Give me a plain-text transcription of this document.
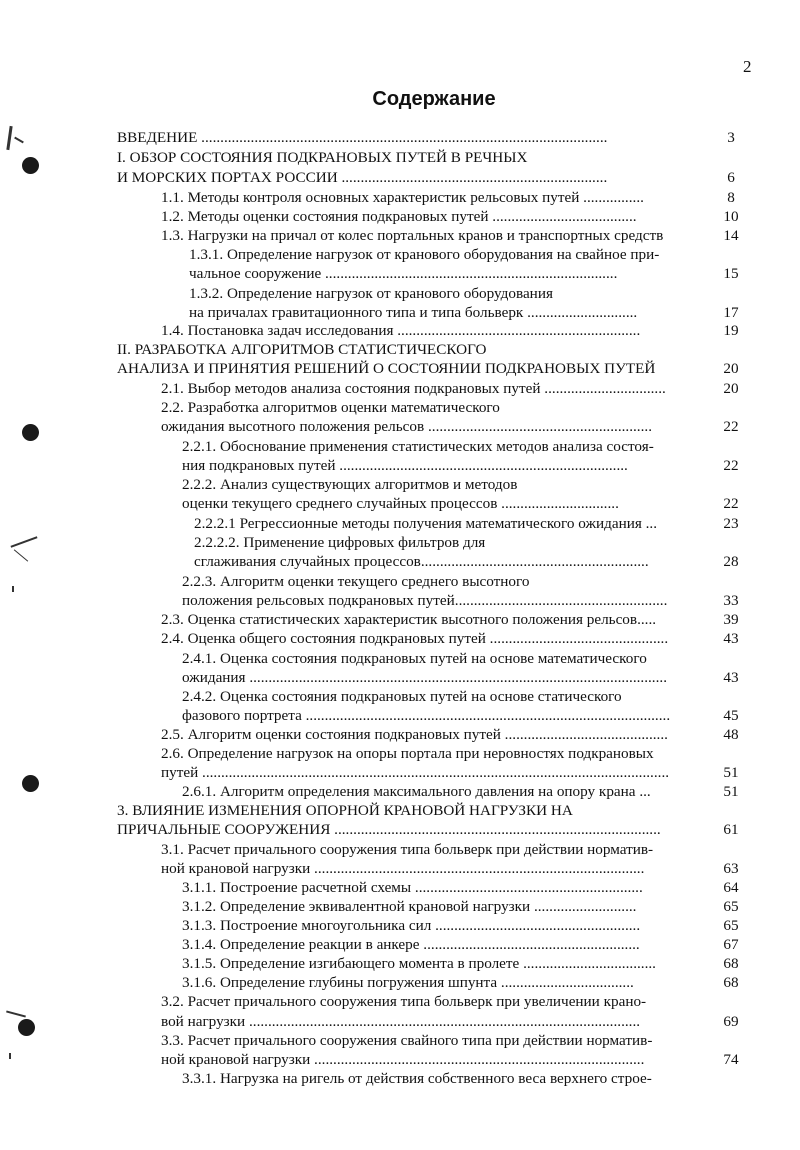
2
Содержание
ВВЕДЕНИЕ ...........................................................................................................	3
I. ОБЗОР СОСТОЯНИЯ ПОДКРАНОВЫХ ПУТЕЙ В РЕЧНЫХ
И МОРСКИХ ПОРТАХ РОССИИ ......................................................................	6
1.1. Методы контроля основных характеристик рельсовых путей ................	8
1.2. Методы оценки состояния подкрановых путей ......................................	10
1.3. Нагрузки на причал от колес портальных кранов и транспортных средств	14
1.3.1. Определение нагрузок от кранового оборудования на свайное при-
чальное сооружение .............................................................................	15
1.3.2. Определение нагрузок от кранового оборудования
на причалах гравитационного типа и типа больверк .............................	17
1.4. Постановка задач исследования ................................................................	19
II. РАЗРАБОТКА АЛГОРИТМОВ СТАТИСТИЧЕСКОГО
АНАЛИЗА И ПРИНЯТИЯ РЕШЕНИЙ О СОСТОЯНИИ ПОДКРАНОВЫХ ПУТЕЙ	20
2.1. Выбор методов анализа состояния подкрановых путей ................................	20
2.2. Разработка алгоритмов оценки математического
ожидания высотного положения рельсов ...........................................................	22
2.2.1. Обоснование применения статистических методов анализа состоя-
ния подкрановых путей ............................................................................	22
2.2.2. Анализ существующих алгоритмов и методов
оценки текущего среднего случайных процессов ...............................	22
2.2.2.1 Регрессионные методы получения математического ожидания ...	23
2.2.2.2. Применение цифровых фильтров для
сглаживания случайных процессов............................................................	28
2.2.3. Алгоритм оценки текущего среднего высотного
положения рельсовых подкрановых путей........................................................	33
2.3. Оценка статистических характеристик высотного положения рельсов.....	39
2.4. Оценка общего состояния подкрановых путей ...............................................	43
2.4.1. Оценка состояния подкрановых путей на основе математического
ожидания ..............................................................................................................	43
2.4.2. Оценка состояния подкрановых путей на основе статического
фазового портрета ................................................................................................	45
2.5. Алгоритм оценки состояния подкрановых путей ...........................................	48
2.6. Определение нагрузок на опоры портала при неровностях подкрановых
путей ...........................................................................................................................	51
2.6.1. Алгоритм определения максимального давления на опору крана ...	51
3. ВЛИЯНИЕ ИЗМЕНЕНИЯ ОПОРНОЙ КРАНОВОЙ НАГРУЗКИ НА
ПРИЧАЛЬНЫЕ СООРУЖЕНИЯ ......................................................................................	61
3.1. Расчет причального сооружения типа больверк при действии норматив-
ной крановой нагрузки .......................................................................................	63
3.1.1. Построение расчетной схемы ............................................................	64
3.1.2. Определение эквивалентной крановой нагрузки ...........................	65
3.1.3. Построение многоугольника сил ......................................................	65
3.1.4. Определение реакции в анкере .........................................................	67
3.1.5. Определение изгибающего момента в пролете ...................................	68
3.1.6. Определение глубины погружения шпунта ...................................	68
3.2. Расчет причального сооружения типа больверк при увеличении крано-
вой нагрузки .......................................................................................................	69
3.3. Расчет причального сооружения свайного типа при действии норматив-
ной крановой нагрузки .......................................................................................	74
3.3.1. Нагрузка на ригель от действия собственного веса верхнего строе-
